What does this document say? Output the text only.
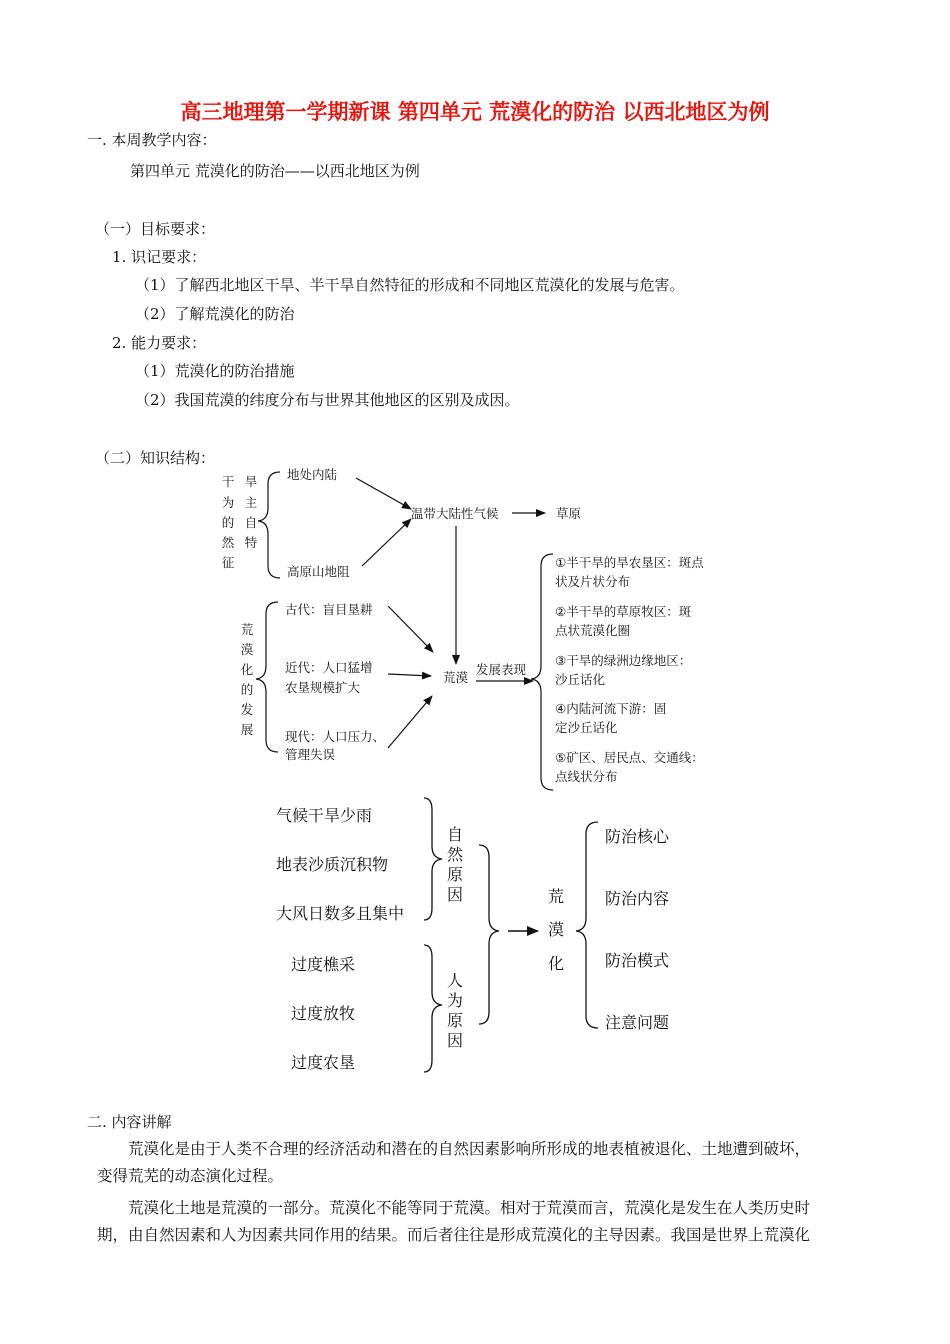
高三地理第一学期新课 第四单元 荒漠化的防治 以西北地区为例
一. 本周教学内容：
第四单元 荒漠化的防治——以西北地区为例
（一）目标要求：
1. 识记要求：
（1）了解西北地区干旱、半干旱自然特征的形成和不同地区荒漠化的发展与危害。
（2）了解荒漠化的防治
2. 能力要求：
（1）荒漠化的防治措施
（2）我国荒漠的纬度分布与世界其他地区的区别及成因。
（二）知识结构：
干
为
的
然
征
旱
主
自
特
地处内陆
高原山地阻
温带大陆性气候	草原
荒
漠
化
的
发
展
古代：盲目垦耕
近代：人口猛增
农垦规模扩大
现代：人口压力、
管理失误
荒漠
发展表现
①半干旱的旱农垦区：斑点
状及片状分布
②半干旱的草原牧区：斑
点状荒漠化圈
③干旱的绿洲边缘地区：
沙丘话化
④内陆河流下游：固
定沙丘话化
⑤矿区、居民点、交通线：
点线状分布
气候干旱少雨
地表沙质沉积物
大风日数多且集中
自
然
原
因
过度樵采
过度放牧
过度农垦
人
为
原
因
荒
漠
化
防治核心
防治内容
防治模式
注意问题
二. 内容讲解
荒漠化是由于人类不合理的经济活动和潜在的自然因素影响所形成的地表植被退化、土地遭到破坏，
变得荒芜的动态演化过程。
荒漠化土地是荒漠的一部分。荒漠化不能等同于荒漠。相对于荒漠而言，荒漠化是发生在人类历史时
期，由自然因素和人为因素共同作用的结果。而后者往往是形成荒漠化的主导因素。我国是世界上荒漠化
